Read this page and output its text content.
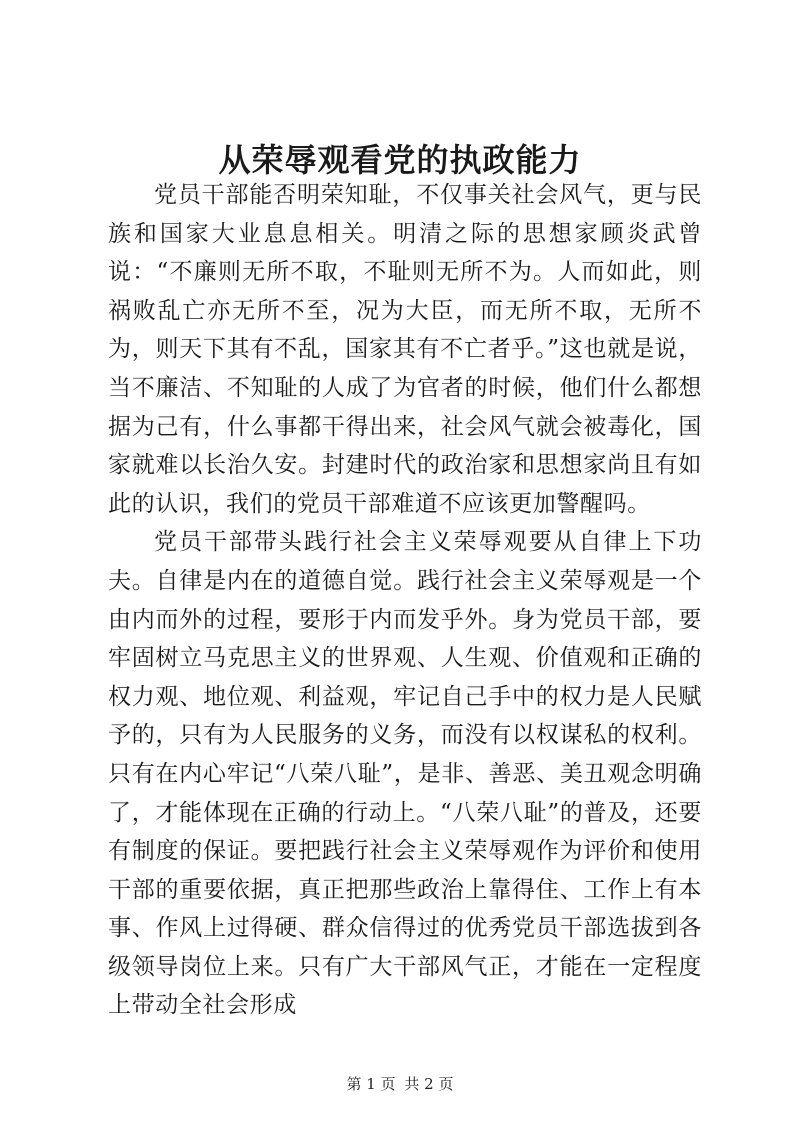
从荣辱观看党的执政能力

党员干部能否明荣知耻，不仅事关社会风气，更与民族和国家大业息息相关。明清之际的思想家顾炎武曾说：“不廉则无所不取，不耻则无所不为。人而如此，则祸败乱亡亦无所不至，况为大臣，而无所不取，无所不为，则天下其有不乱，国家其有不亡者乎。”这也就是说，当不廉洁、不知耻的人成了为官者的时候，他们什么都想据为己有，什么事都干得出来，社会风气就会被毒化，国家就难以长治久安。封建时代的政治家和思想家尚且有如此的认识，我们的党员干部难道不应该更加警醒吗。

党员干部带头践行社会主义荣辱观要从自律上下功夫。自律是内在的道德自觉。践行社会主义荣辱观是一个由内而外的过程，要形于内而发乎外。身为党员干部，要牢固树立马克思主义的世界观、人生观、价值观和正确的权力观、地位观、利益观，牢记自己手中的权力是人民赋予的，只有为人民服务的义务，而没有以权谋私的权利。只有在内心牢记“八荣八耻”，是非、善恶、美丑观念明确了，才能体现在正确的行动上。“八荣八耻”的普及，还要有制度的保证。要把践行社会主义荣辱观作为评价和使用干部的重要依据，真正把那些政治上靠得住、工作上有本事、作风上过得硬、群众信得过的优秀党员干部选拔到各级领导岗位上来。只有广大干部风气正，才能在一定程度上带动全社会形成

第 1 页 共 2 页
